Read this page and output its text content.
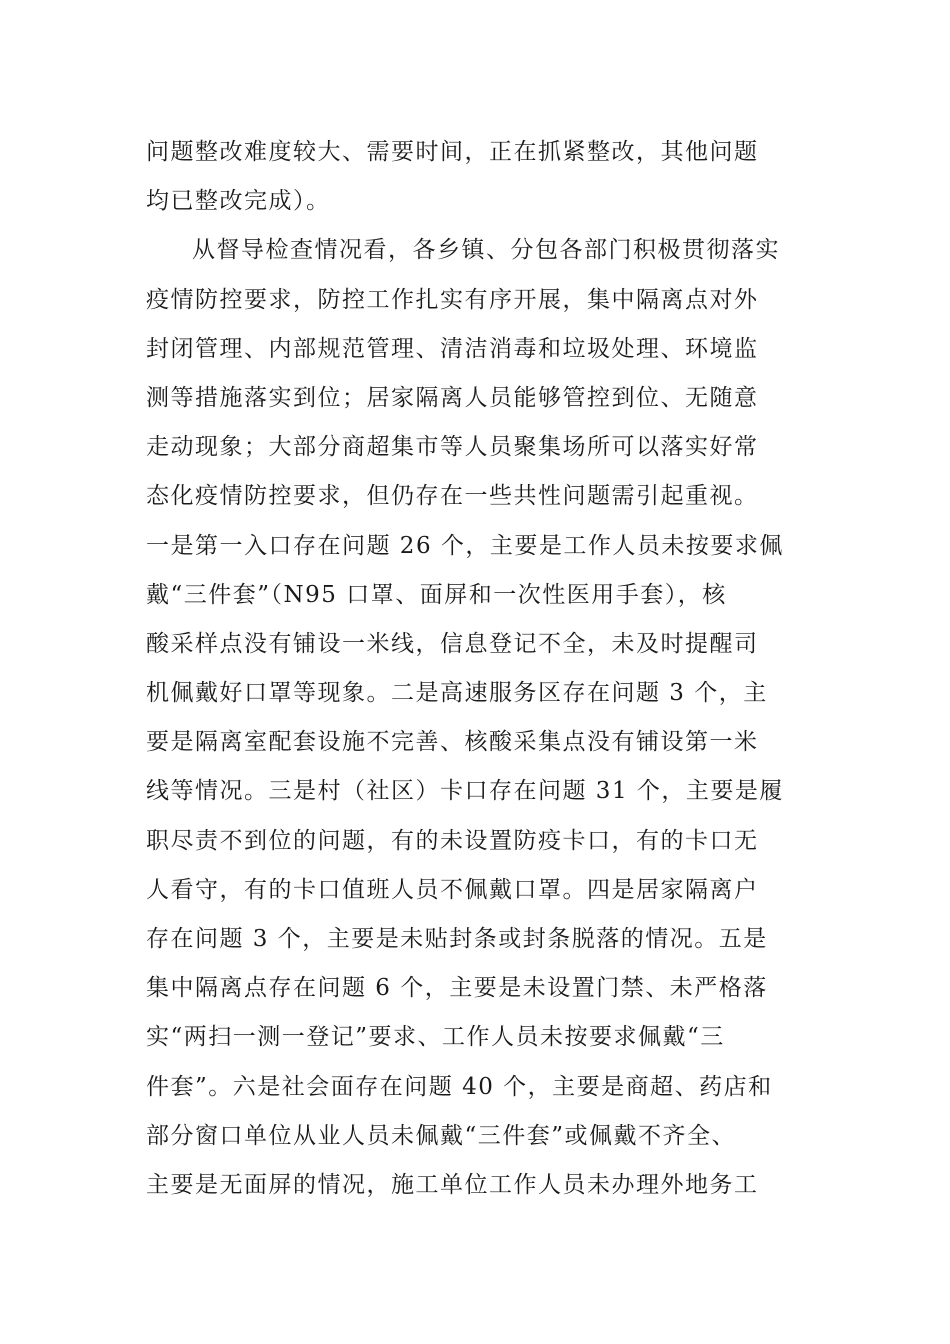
问题整改难度较大、需要时间，正在抓紧整改，其他问题
均已整改完成）。
从督导检查情况看，各乡镇、分包各部门积极贯彻落实
疫情防控要求，防控工作扎实有序开展，集中隔离点对外
封闭管理、内部规范管理、清洁消毒和垃圾处理、环境监
测等措施落实到位；居家隔离人员能够管控到位、无随意
走动现象；大部分商超集市等人员聚集场所可以落实好常
态化疫情防控要求，但仍存在一些共性问题需引起重视。
一是第一入口存在问题 26 个，主要是工作人员未按要求佩
戴“三件套”（N95 口罩、面屏和一次性医用手套），核
酸采样点没有铺设一米线，信息登记不全，未及时提醒司
机佩戴好口罩等现象。二是高速服务区存在问题 3 个，主
要是隔离室配套设施不完善、核酸采集点没有铺设第一米
线等情况。三是村（社区）卡口存在问题 31 个，主要是履
职尽责不到位的问题，有的未设置防疫卡口，有的卡口无
人看守，有的卡口值班人员不佩戴口罩。四是居家隔离户
存在问题 3 个，主要是未贴封条或封条脱落的情况。五是
集中隔离点存在问题 6 个，主要是未设置门禁、未严格落
实“两扫一测一登记”要求、工作人员未按要求佩戴“三
件套”。六是社会面存在问题 40 个，主要是商超、药店和
部分窗口单位从业人员未佩戴“三件套”或佩戴不齐全、
主要是无面屏的情况，施工单位工作人员未办理外地务工
